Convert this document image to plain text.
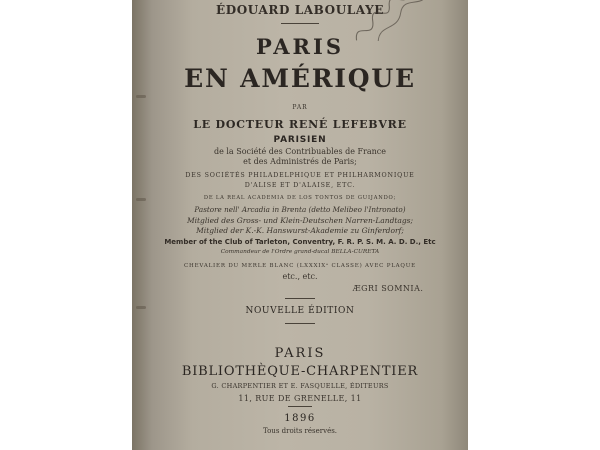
ÉDOUARD LABOULAYE
PARIS
EN AMÉRIQUE
PAR
LE DOCTEUR RENÉ LEFEBVRE
PARISIEN
de la Société des Contribuables de France
et des Administrés de Paris;
DES SOCIÉTÉS PHILADELPHIQUE ET PHILHARMONIQUE
D'ALISE ET D'ALAISE, ETC.
DE LA REAL ACADEMIA DE LOS TONTOS DE GUIJANDO;
Pastore nell' Arcadia in Brenta (detto Melibeo l'Intronato)
Mitglied des Gross- und Klein-Deutschen Narren-Landtags;
Mitglied der K.-K. Hanswurst-Akademie zu Ginferdorf;
Member of the Club of Tarleton, Conventry, F. R. P. S. M. A. D. D., Etc
Commandeur de l'Ordre grand-ducal BELLA-CURETA
CHEVALIER DU MERLE BLANC (LXXXIXᵉ CLASSE) AVEC PLAQUE
etc., etc.
ÆGRI SOMNIA.
NOUVELLE ÉDITION
PARIS
BIBLIOTHÈQUE-CHARPENTIER
G. CHARPENTIER ET E. FASQUELLE, ÉDITEURS
11, RUE DE GRENELLE, 11
1896
Tous droits réservés.
